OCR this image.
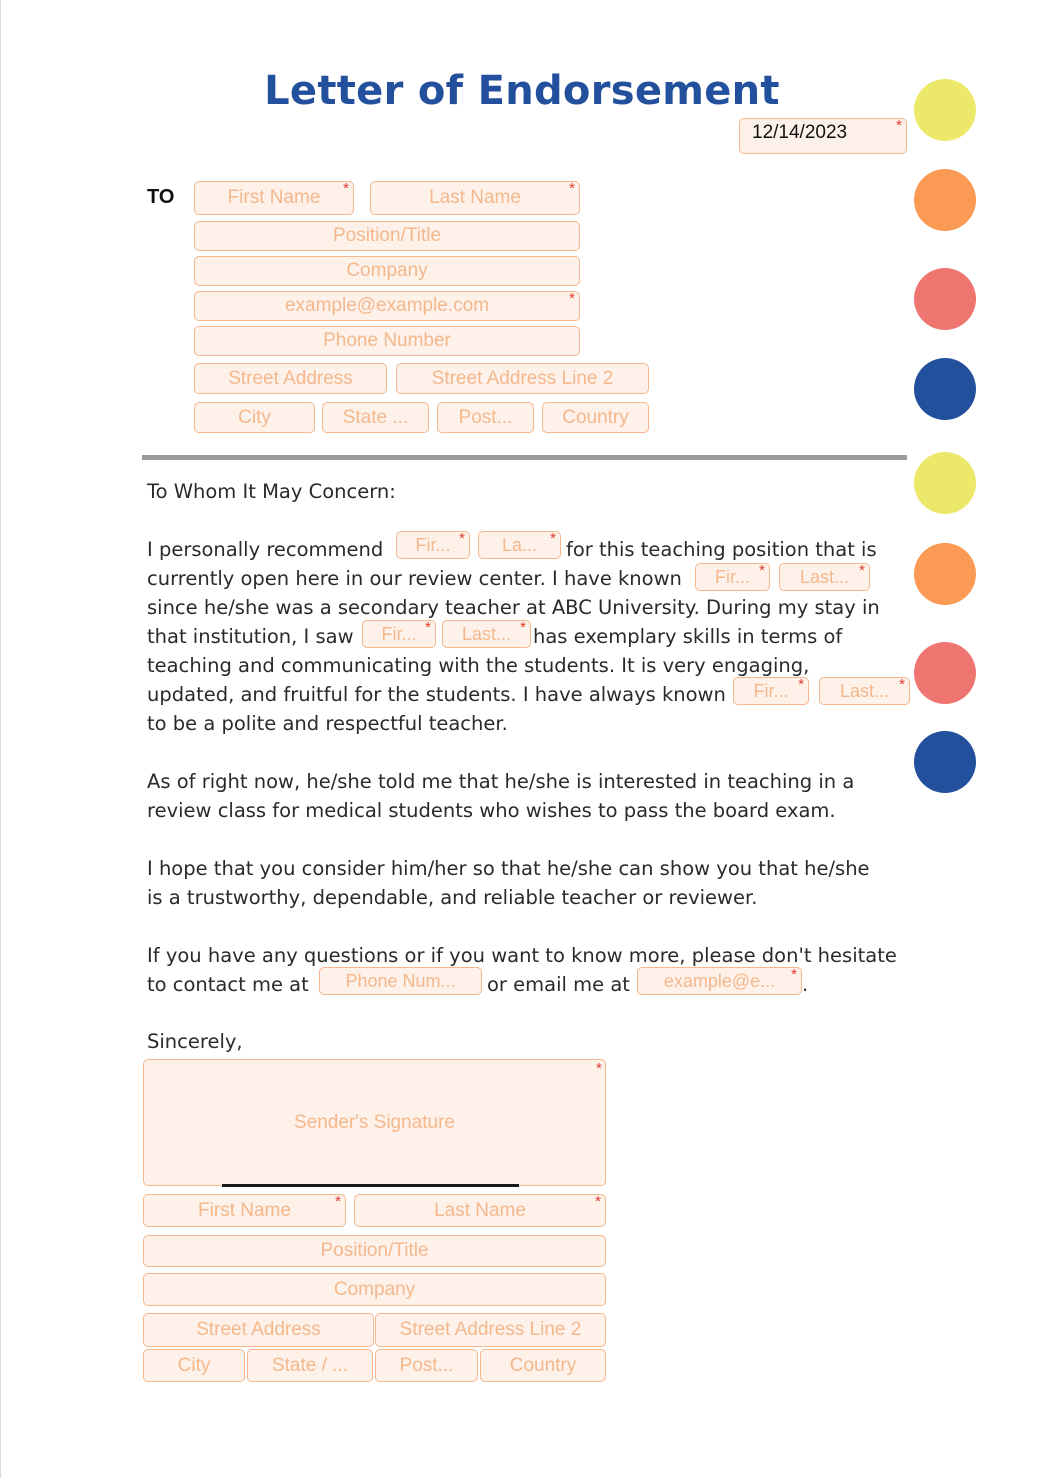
Letter of Endorsement
12/14/2023	*
TO	First Name *	Last Name	*
Position/Title
Company
example@example.com	*
Phone Number
Street Address	Street Address Line 2
City	State ...	Post...	Country
To Whom It May Concern:
I personally recommend Fir... * La... * for this teaching position that is
currently open here in our review center. I have known Fir... * Last... *
since he/she was a secondary teacher at ABC University. During my stay in
that institution, I saw Fir... * Last... * has exemplary skills in terms of
teaching and communicating with the students. It is very engaging,
updated, and fruitful for the students. I have always known Fir... * Last... *
to be a polite and respectful teacher.
As of right now, he/she told me that he/she is interested in teaching in a
review class for medical students who wishes to pass the board exam.
I hope that you consider him/her so that he/she can show you that he/she
is a trustworthy, dependable, and reliable teacher or reviewer.
If you have any questions or if you want to know more, please don't hesitate
to contact me at Phone Num... or email me at example@e... * .
Sincerely,
Sender's Signature
*
First Name	*	Last Name	*
Position/Title
Company
Street Address	Street Address Line 2
City	State / ...	Post...	Country
